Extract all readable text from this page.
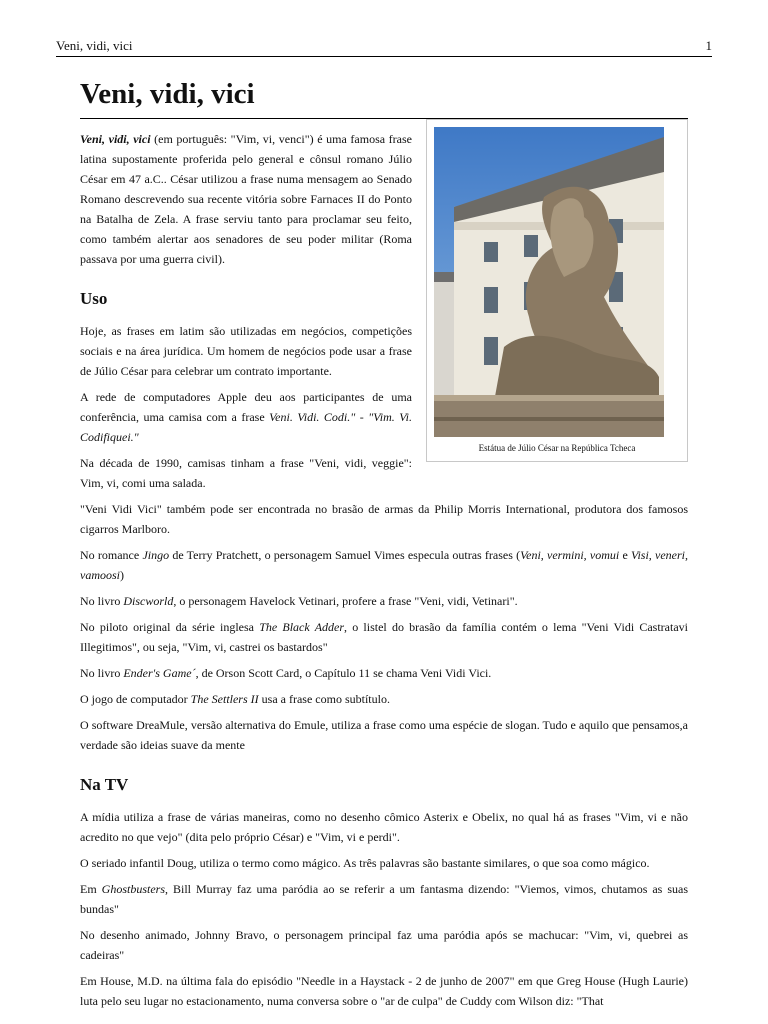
Veni, vidi, vici	1
Veni, vidi, vici
Estátua de Júlio César na República Tcheca

Veni, vidi, vici (em português: "Vim, vi, venci") é uma famosa frase latina supostamente proferida pelo general e cônsul romano Júlio César em 47 a.C.. César utilizou a frase numa mensagem ao Senado Romano descrevendo sua recente vitória sobre Farnaces II do Ponto na Batalha de Zela. A frase serviu tanto para proclamar seu feito, como também alertar aos senadores de seu poder militar (Roma passava por uma guerra civil).

Uso

Hoje, as frases em latim são utilizadas em negócios, competições sociais e na área jurídica. Um homem de negócios pode usar a frase de Júlio César para celebrar um contrato importante.

A rede de computadores Apple deu aos participantes de uma conferência, uma camisa com a frase Veni. Vidi. Codi." - "Vim. Vi. Codifiquei."

Na década de 1990, camisas tinham a frase "Veni, vidi, veggie": Vim, vi, comi uma salada.

"Veni Vidi Vici" também pode ser encontrada no brasão de armas da Philip Morris International, produtora dos famosos cigarros Marlboro.

No romance Jingo de Terry Pratchett, o personagem Samuel Vimes especula outras frases (Veni, vermini, vomui e Visi, veneri, vamoosi)

No livro Discworld, o personagem Havelock Vetinari, profere a frase "Veni, vidi, Vetinari".

No piloto original da série inglesa The Black Adder, o listel do brasão da família contém o lema "Veni Vidi Castratavi Illegitimos", ou seja, "Vim, vi, castrei os bastardos"

No livro Ender's Game´, de Orson Scott Card, o Capítulo 11 se chama Veni Vidi Vici.

O jogo de computador The Settlers II usa a frase como subtítulo.

O software DreaMule, versão alternativa do Emule, utiliza a frase como uma espécie de slogan. Tudo e aquilo que pensamos,a verdade são ideias suave da mente

Na TV

A mídia utiliza a frase de várias maneiras, como no desenho cômico Asterix e Obelix, no qual há as frases "Vim, vi e não acredito no que vejo" (dita pelo próprio César) e "Vim, vi e perdi".

O seriado infantil Doug, utiliza o termo como mágico. As três palavras são bastante similares, o que soa como mágico.

Em Ghostbusters, Bill Murray faz uma paródia ao se referir a um fantasma dizendo: "Viemos, vimos, chutamos as suas bundas"

No desenho animado, Johnny Bravo, o personagem principal faz uma paródia após se machucar: "Vim, vi, quebrei as cadeiras"

Em House, M.D. na última fala do episódio "Needle in a Haystack - 2 de junho de 2007" em que Greg House (Hugh Laurie) luta pelo seu lugar no estacionamento, numa conversa sobre o "ar de culpa" de Cuddy com Wilson diz: "That
